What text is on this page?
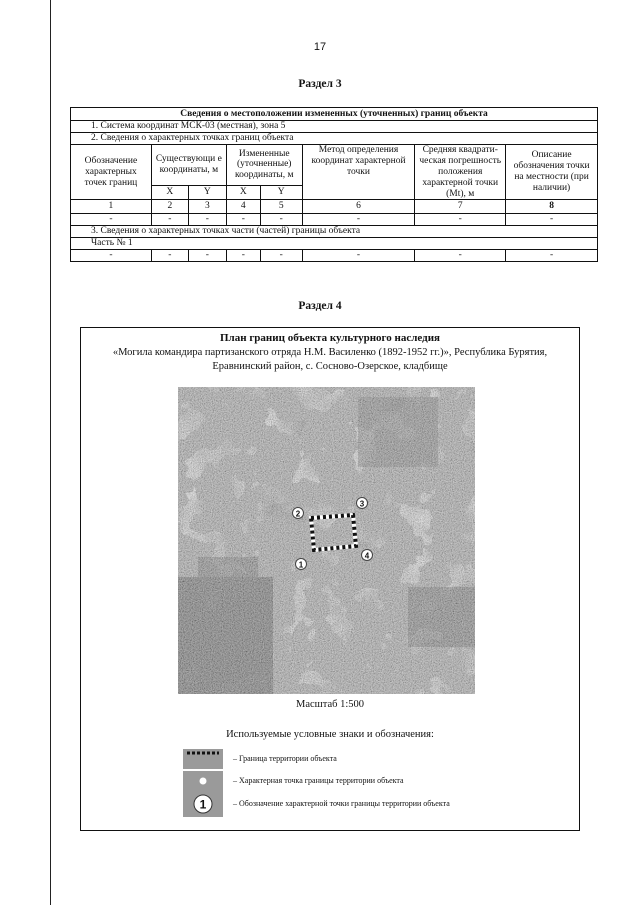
17
Раздел 3
Сведения о местоположении измененных (уточненных) границ объекта							
1. Система координат МСК-03 (местная), зона 5							
2. Сведения о характерных точках границ объекта							
Обозначение характерных точек границ	Существующи е координаты, м		Измененные (уточненные) координаты, м		Метод определения координат характерной точки	Средняя квадрати-ческая погрешность положения характерной точки (Mt), м	Описание обозначения точки на местности (при наличии)
	X	Y	X	Y			
1	2	3	4	5	6	7	8
-	-	-	-	-	-	-	-
3. Сведения о характерных точках части (частей) границы объекта							
Часть № 1							
-	-	-	-	-	-	-	-
Раздел 4
План границ объекта культурного наследия
«Могила командира партизанского отряда Н.М. Василенко (1892-1952 гг.)», Республика Бурятия,
Еравнинский район, с. Сосново-Озерское, кладбище
1
2
3
4
Масштаб 1:500
Используемые условные знаки и обозначения:
– Граница территории объекта
– Характерная точка границы территории объекта
1	– Обозначение характерной точки границы территории объекта
